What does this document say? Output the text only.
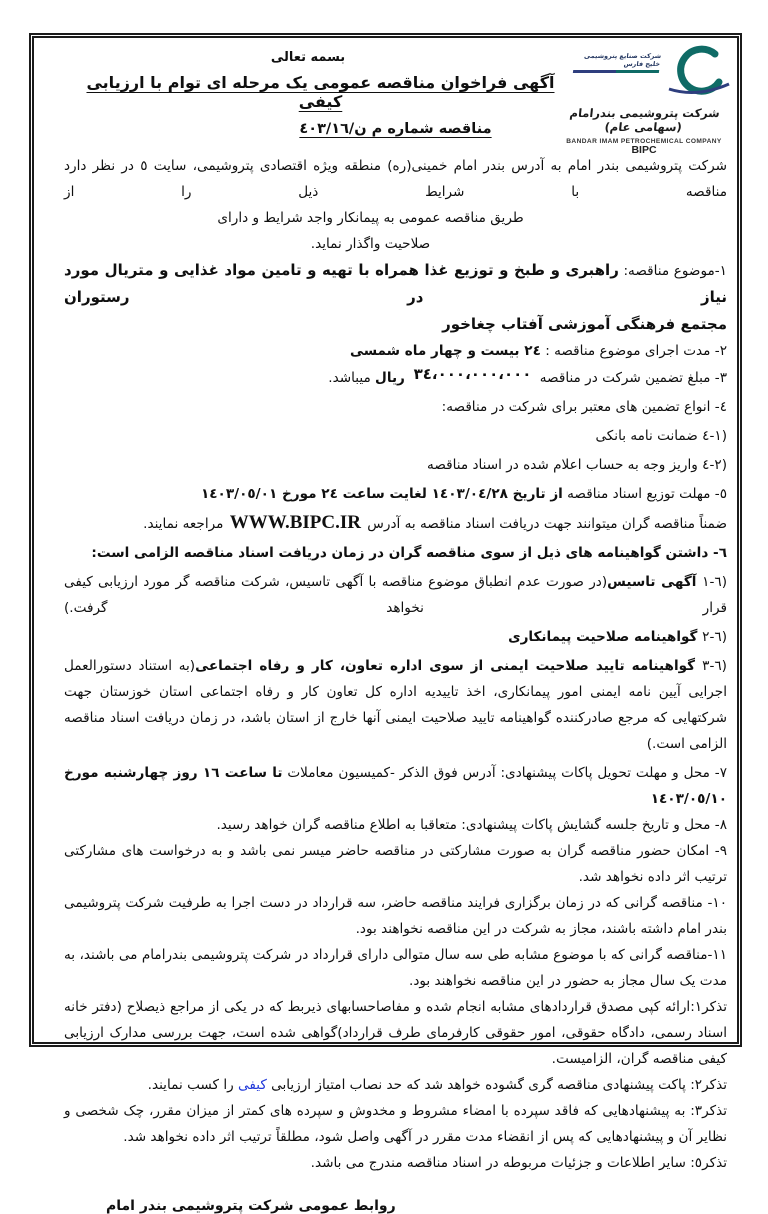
شرکت صنایع پتروشیمی خلیج فارس
شرکت پتروشیمی بندرامام (سهامی عام)
BANDAR IMAM PETROCHEMICAL COMPANY
BIPC
بسمه تعالی
آگهی فراخوان مناقصه عمومی یک مرحله ای توام با ارزیابی کیفی
مناقصه شماره م ن/٤٠٣/١٦

شرکت پتروشیمی بندر امام به آدرس بندر امام خمینی(ره) منطقه ویژه اقتصادی پتروشیمی، سایت ٥ در نظر دارد مناقصه با شرایط ذیل را از

طریق مناقصه عمومی به پیمانکار واجد شرایط و دارای صلاحیت واگذار نماید.

١-موضوع مناقصه: راهبری و طبخ و توزیع غذا همراه با تهیه و تامین مواد غذایی و متریال مورد نیاز در رستوران

مجتمع فرهنگی آموزشی آفتاب چغاخور

٢- مدت اجرای موضوع مناقصه : ٢٤ بیست و چهار ماه شمسی

٣- مبلغ تضمین شرکت در مناقصه ٣٤،٠٠٠،٠٠٠،٠٠٠ ریال میباشد.

٤- انواع تضمین های معتبر برای شرکت در مناقصه:

١-٤) ضمانت نامه بانکی

٢-٤) واریز وجه به حساب اعلام شده در اسناد مناقصه

٥- مهلت توزیع اسناد مناقصه از تاریخ ١٤٠٣/٠٤/٢٨ لغایت ساعت ٢٤ مورخ ١٤٠٣/٠٥/٠١

ضمناً مناقصه گران میتوانند جهت دریافت اسناد مناقصه به آدرس WWW.BIPC.IR مراجعه نمایند.

٦- داشتن گواهینامه های ذیل از سوی مناقصه گران در زمان دریافت اسناد مناقصه الزامی است:

٦-١) آگهی تاسیس(در صورت عدم انطباق موضوع مناقصه با آگهی تاسیس، شرکت مناقصه گر مورد ارزیابی کیفی قرار نخواهد گرفت.)

٦-٢) گواهینامه صلاحیت پیمانکاری

٦-٣) گواهینامه تایید صلاحیت ایمنی از سوی اداره تعاون، کار و رفاه اجتماعی(به استناد دستورالعمل اجرایی آیین نامه ایمنی امور پیمانکاری، اخذ تاییدیه اداره کل تعاون کار و رفاه اجتماعی استان خوزستان جهت شرکتهایی که مرجع صادرکننده گواهینامه تایید صلاحیت ایمنی آنها خارج از استان باشد، در زمان دریافت اسناد مناقصه الزامی است.)

٧- محل و مهلت تحویل پاکات پیشنهادی: آدرس فوق الذکر -کمیسیون معاملات تا ساعت ١٦ روز چهارشنبه مورخ ١٤٠٣/٠٥/١٠

٨- محل و تاریخ جلسه گشایش پاکات پیشنهادی: متعاقبا به اطلاع مناقصه گران خواهد رسید.

٩- امکان حضور مناقصه گران به صورت مشارکتی در مناقصه حاضر میسر نمی باشد و به درخواست های مشارکتی ترتیب اثر داده نخواهد شد.

١٠- مناقصه گرانی که در زمان برگزاری فرایند مناقصه حاضر، سه قرارداد در دست اجرا به طرفیت شرکت پتروشیمی بندر امام داشته باشند، مجاز به شرکت در این مناقصه نخواهند بود.

١١-مناقصه گرانی که با موضوع مشابه طی سه سال متوالی دارای قرارداد در شرکت پتروشیمی بندرامام می باشند، به مدت یک سال مجاز به حضور در این مناقصه نخواهند بود.

تذکر١:ارائه کپی مصدق قراردادهای مشابه انجام شده و مفاصاحسابهای ذیربط که در یکی از مراجع ذیصلاح (دفتر خانه اسناد رسمی، دادگاه حقوقی، امور حقوقی کارفرمای طرف قرارداد)گواهی شده است، جهت بررسی مدارک ارزیابی کیفی مناقصه گران، الزامیست.

تذکر٢: پاکت پیشنهادی مناقصه گری گشوده خواهد شد که حد نصاب امتیاز ارزیابی کیفی را کسب نمایند.

تذکر٣: به پیشنهادهایی که فاقد سپرده با امضاء مشروط و مخدوش و سپرده های کمتر از میزان مقرر، چک شخصی و نظایر آن و پیشنهادهایی که پس از انقضاء مدت مقرر در آگهی واصل شود، مطلقاً ترتیب اثر داده نخواهد شد.

تذکر٥: سایر اطلاعات و جزئیات مربوطه در اسناد مناقصه مندرج می باشد.

روابط عمومی شرکت پتروشیمی بندر امام
